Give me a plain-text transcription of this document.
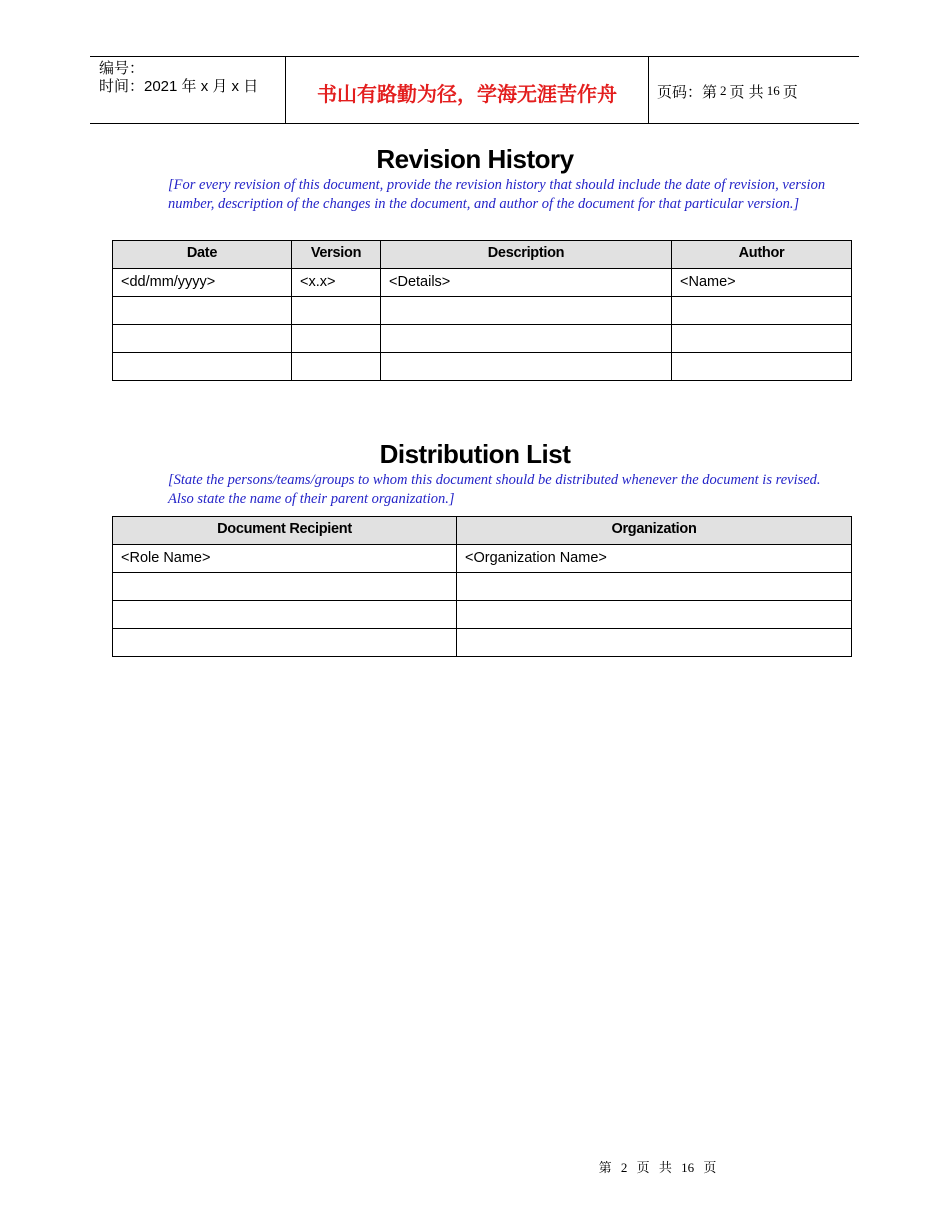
编号：
时间：2021 年 x 月 x 日	书山有路勤为径，学海无涯苦作舟	页码：第 2 页 共 16 页
Revision History

[For every revision of this document, provide the revision history that should include the date of revision, version number, description of the changes in the document, and author of the document for that particular version.]

Date	Version	Description	Author
<dd/mm/yyyy>	<x.x>	<Details>	<Name>

Distribution List

[State the persons/teams/groups to whom this document should be distributed whenever the document is revised. Also state the name of their parent organization.]

Document Recipient	Organization
<Role Name>	<Organization Name>

第 2 页 共 16 页
